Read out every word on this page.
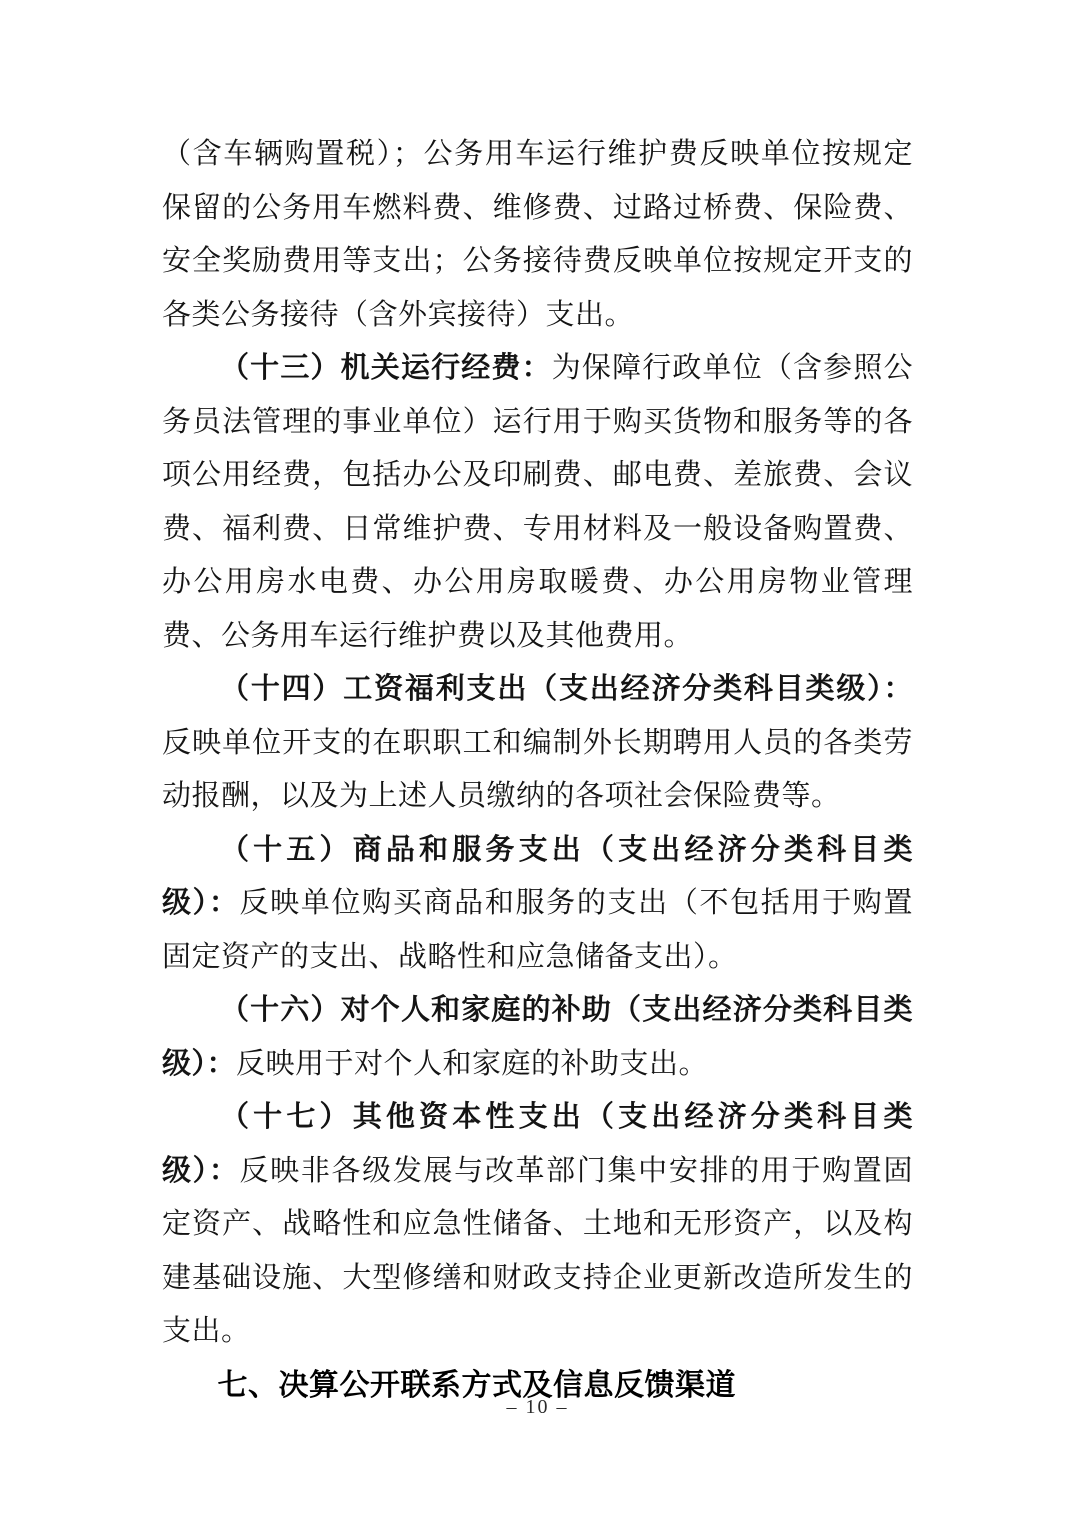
（含车辆购置税）；公务用车运行维护费反映单位按规定保留的公务用车燃料费、维修费、过路过桥费、保险费、安全奖励费用等支出；公务接待费反映单位按规定开支的各类公务接待（含外宾接待）支出。

（十三）机关运行经费：为保障行政单位（含参照公务员法管理的事业单位）运行用于购买货物和服务等的各项公用经费，包括办公及印刷费、邮电费、差旅费、会议费、福利费、日常维护费、专用材料及一般设备购置费、办公用房水电费、办公用房取暖费、办公用房物业管理费、公务用车运行维护费以及其他费用。

（十四）工资福利支出（支出经济分类科目类级）：反映单位开支的在职职工和编制外长期聘用人员的各类劳动报酬，以及为上述人员缴纳的各项社会保险费等。

（十五）商品和服务支出（支出经济分类科目类级）：反映单位购买商品和服务的支出（不包括用于购置固定资产的支出、战略性和应急储备支出）。

（十六）对个人和家庭的补助（支出经济分类科目类级）：反映用于对个人和家庭的补助支出。

（十七）其他资本性支出（支出经济分类科目类级）：反映非各级发展与改革部门集中安排的用于购置固定资产、战略性和应急性储备、土地和无形资产，以及构建基础设施、大型修缮和财政支持企业更新改造所发生的支出。

七、决算公开联系方式及信息反馈渠道

– 10 –
